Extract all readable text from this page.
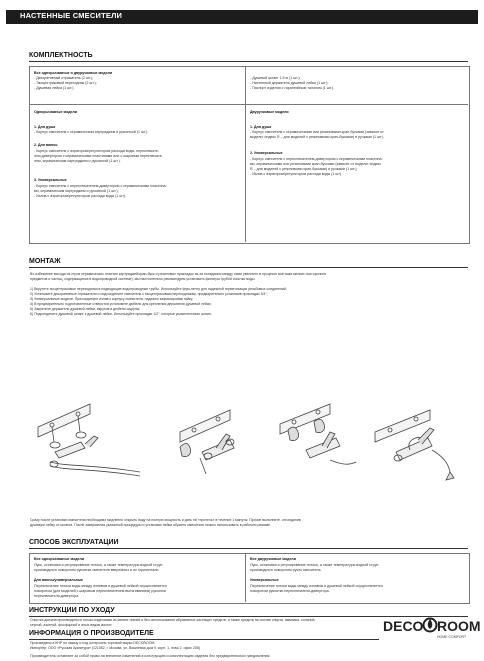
НАСТЕННЫЕ СМЕСИТЕЛИ
КОМПЛЕКТНОСТЬ
Все однорычажные и двуручковые модели
- Декоративный отражатель (2 шт.);
- Эксцентриковый переходник (2 шт.);
- Душевая лейка (1 шт.).
- Душевой шланг 1,5 м (1 шт.);
- Настенный держатель душевой лейки (1 шт.);
- Паспорт изделия с гарантийным талоном (1 шт.).
Однорычажные модели
1. Для душа
- Корпус смесителя с керамическим картриджем и рукояткой (1 шт.).
2. Для ванны
- Корпус смесителя с аэратором/регулятором расхода воды, переключате-
лем-дивертором с керамическими пластинами или с шаровым переключате-
лем, керамическим картриджем и рукояткой (1 шт.).
3. Универсальные
- Корпус смесителя с переключателем-дивертором с керамическими пластина-
ми, керамическим картриджем и рукояткой (1 шт.);
- Излив с аэратором/регулятором расхода воды (1 шт).
Двуручковые модели
1. Для душа
- Корпус смесителя с керамическими или резиновыми кран-буксами (зависит от
модели: индекс R – для моделей с резиновыми кран-буксами) и ручками (1 шт.).
2. Универсальные
- Корпус смесителя с переключателем-дивертором с керамическими пластина-
ми, керамическими или резиновыми кран-буксами (зависит от модели: индекс
R – для моделей с резиновыми кран-буксами) и ручками (1 шт.);
- Излив с аэратором/регулятором расхода воды (1 шт).
МОНТАЖ
Во избежание выхода из строя керамических пластин картриджей/кран-букс и резиновых прокладок из-за попадания между ними увеличен в процессе монтажа мелких посторонних
предметов и частиц, содержащихся в водопроводной системе), мы настоятельно рекомендуем установить фильтры грубой очистки воды.
1) Вкрутите эксцентриковые переходники в подводящие водопроводные трубы. Используйте фум-ленту для надежной герметизации резьбовых соединений;
2) Установите декоративные отражатели и подсоедините смеситель к эксцентриковым переходникам, предварительно установив прокладки 3/4";
3) Универсальные модели. Присоедините излив к корпусу смесителя, надежно зафиксировав гайку;
4) В предварительно подготовленные отверстия установите дюбели для крепления держателя душевой лейки;
5) Закрепите держатель душевой лейки, вкрутив в дюбели шурупы;
6) Подсоедините душевой шланг к душевой лейке. Используйте прокладки 1/2", которые укомплектован шланг.
Сразу после установки смесителя необходимо медленно открыть воду на полную мощность и дать ей «протечь» в течение 1 минуты. Прочие выполните, отсоединив
душевую лейку от шланга. После завершения указанной процедуры и установки лейки обратно смеситель можно использовать в рабочем режиме.
СПОСОБ ЭКСПЛУАТАЦИИ
Все однорычажные модели
Пуск, остановка и регулирование потока, а также температуры водной струи
производится поворотом рукоятки смесителя вверх/вниз и по горизонтали.
Для ванны/универсальные
Переключение потока воды между изливом и душевой лейкой осуществляется
поворотом (для моделей с шаровым переключателем вытягиванием) рукоятки
переключателя-дивертора.
Все двуручковые модели
Пуск, остановка и регулирование потока, а также температуры водной струи
производится поворотом ручек смесителя.
Универсальные
Переключение потока воды между изливом и душевой лейкой осуществляется
поворотом рукоятки переключателя-дивертора.
ИНСТРУКЦИИ ПО УХОДУ
Очистка должна производиться только изделиями из мягких тканей и без использования абразивных чистящих средств, а также средств на основе спирта, аммиака, соляной,
серной, азотной, фосфорной и иных видов кислот.
ИНФОРМАЦИЯ О ПРОИЗВОДИТЕЛЕ
Произведено в КНР по заказу и под контролем торговой марки DECOROOM
Импортёр: ООО «Русская Арматура» (121552, г. Москва, ул. Вишневая дом 9, корп. 1, этаж 2, офис 208)
Производитель оставляет за собой право на внесение изменений в конструкцию и комплектацию изделия без предварительного уведомления.
DECO ROOM
HOME COMFORT
